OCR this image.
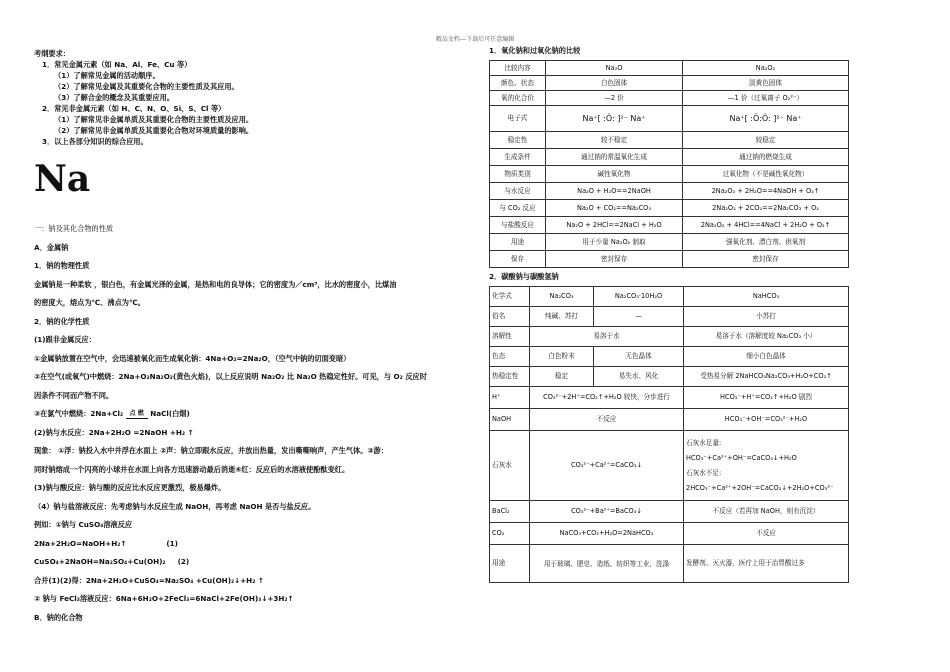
精品文档---下载后可任意编辑

考纲要求：

1．常见金属元素（如 Na、Al、Fe、Cu 等）

（1）了解常见金属的活动顺序。

（2）了解常见金属及其重要化合物的主要性质及其应用。

（3）了解合金的概念及其重要应用。

2．常见非金属元素（如 H、C、N、O、Si、S、Cl 等）

（1）了解常见非金属单质及其重要化合物的主要性质及应用。

（2）了解常见非金属单质及其重要化合物对环境质量的影响。

3．以上各部分知识的综合应用。

Na

一：钠及其化合物的性质

A．金属钠

1．钠的物理性质

金属钠是一种柔软 ，银白色，有金属光泽的金属，是热和电的良导体；它的密度为／cm³，比水的密度小，比煤油

的密度大，熔点为℃、沸点为℃。

2．钠的化学性质

(1)跟非金属反应：

①金属钠放置在空气中，会迅速被氧化而生成氧化钠：4Na+O₂=2Na₂O，（空气中钠的切面变暗）

②在空气(或氧气)中燃烧：2Na+O₂Na₂O₂(黄色火焰)，以上反应说明 Na₂O₂ 比 Na₂O 热稳定性好。可见，与 O₂ 反应时

因条件不同而产物不同。

③在氯气中燃烧：2Na+Cl₂	点 燃 NaCl(白烟)

(2)钠与水反应：2Na+2H₂O =2NaOH +H₂ ↑

现象： ①浮：钠投入水中并浮在水面上 ②声：钠立即跟水反应，并放出热量，发出嘶嘶响声，产生气体。③游：

同时钠熔成一个闪亮的小球并在水面上向各方迅速游动最后消逝④红：反应后的水溶液使酚酞变红。

(3)钠与酸反应：钠与酸的反应比水反应更激烈，极易爆炸。

（4）钠与盐溶液反应：先考虑钠与水反应生成 NaOH，再考虑 NaOH 是否与盐反应。

例如：①钠与 CuSO₄溶液反应

2Na+2H₂O=NaOH+H₂↑	(1)

CuSO₄+2NaOH=Na₂SO₄+Cu(OH)₂ (2)

合并(1)(2)得：2Na+2H₂O+CuSO₄=Na₂SO₄ +Cu(OH)₂↓+H₂ ↑

② 钠与 FeCl₃溶液反应：6Na+6H₂O+2FeCl₃=6NaCl+2Fe(OH)₃↓+3H₂↑

B．钠的化合物

1．氧化钠和过氧化钠的比较

比较内容	Na₂O	Na₂O₂
颜色、状态	白色固体	淡黄色固体
氧的化合价	—2 价	—1 价（过氧离子 O₂²⁻）
电子式	Na⁺[ :Ö: ]²⁻ Na⁺	Na⁺[ :Ö:Ö: ]²⁻ Na⁺
稳定性	较不稳定	较稳定
生成条件	通过钠的常温氧化生成	通过钠的燃烧生成
物质类别	碱性氧化物	过氧化物（不是碱性氧化物）
与水反应	Na₂O + H₂O==2NaOH	2Na₂O₂ + 2H₂O==4NaOH + O₂↑
与 CO₂ 反应	Na₂O + CO₂==Na₂CO₃	2Na₂O₂ + 2CO₂==2Na₂CO₃ + O₂
与盐酸反应	Na₂O + 2HCl==2NaCl + H₂O	2Na₂O₂ + 4HCl==4NaCl + 2H₂O + O₂↑
用途	用于少量 Na₂O₂ 制取	强氧化剂、漂白剂、供氧剂
保存	密封保存	密封保存

2．碳酸钠与碳酸氢钠

化学式	Na₂CO₃	Na₂CO₃·10H₂O	NaHCO₃
俗名	纯碱、苏打	—	小苏打
溶解性	易溶于水		易溶于水（溶解度较 Na₂CO₃ 小）
色态	白色粉末	无色晶体	细小白色晶体
热稳定性	稳定	易失水、风化	受热易分解 2NaHCO₃Na₂CO₃+H₂O+CO₂↑
H⁺	CO₃²⁻+2H⁺=CO₂↑+H₂O 较快，分步进行		HCO₃⁻+H⁺=CO₂↑+H₂O 剧烈
NaOH	不反应		HCO₃⁻+OH⁻=CO₃²⁻+H₂O
石灰水	CO₃²⁻+Ca²⁺=CaCO₃↓		石灰水足量:
HCO₃⁻+Ca²⁺+OH⁻=CaCO₃↓+H₂O
石灰水不足:
2HCO₃⁻+Ca²⁺+2OH⁻=CaCO₃↓+2H₂O+CO₃²⁻

BaCl₂	CO₃²⁻+Ba²⁺=BaCO₃↓		不反应（若再加 NaOH，则有沉淀）
CO₂	NaCO₃+CO₂+H₂O=2NaHCO₃		不反应
用途	用于玻璃、肥皂、造纸、纺织等工业，洗涤		发酵剂、灭火器，医疗上用于治胃酸过多
